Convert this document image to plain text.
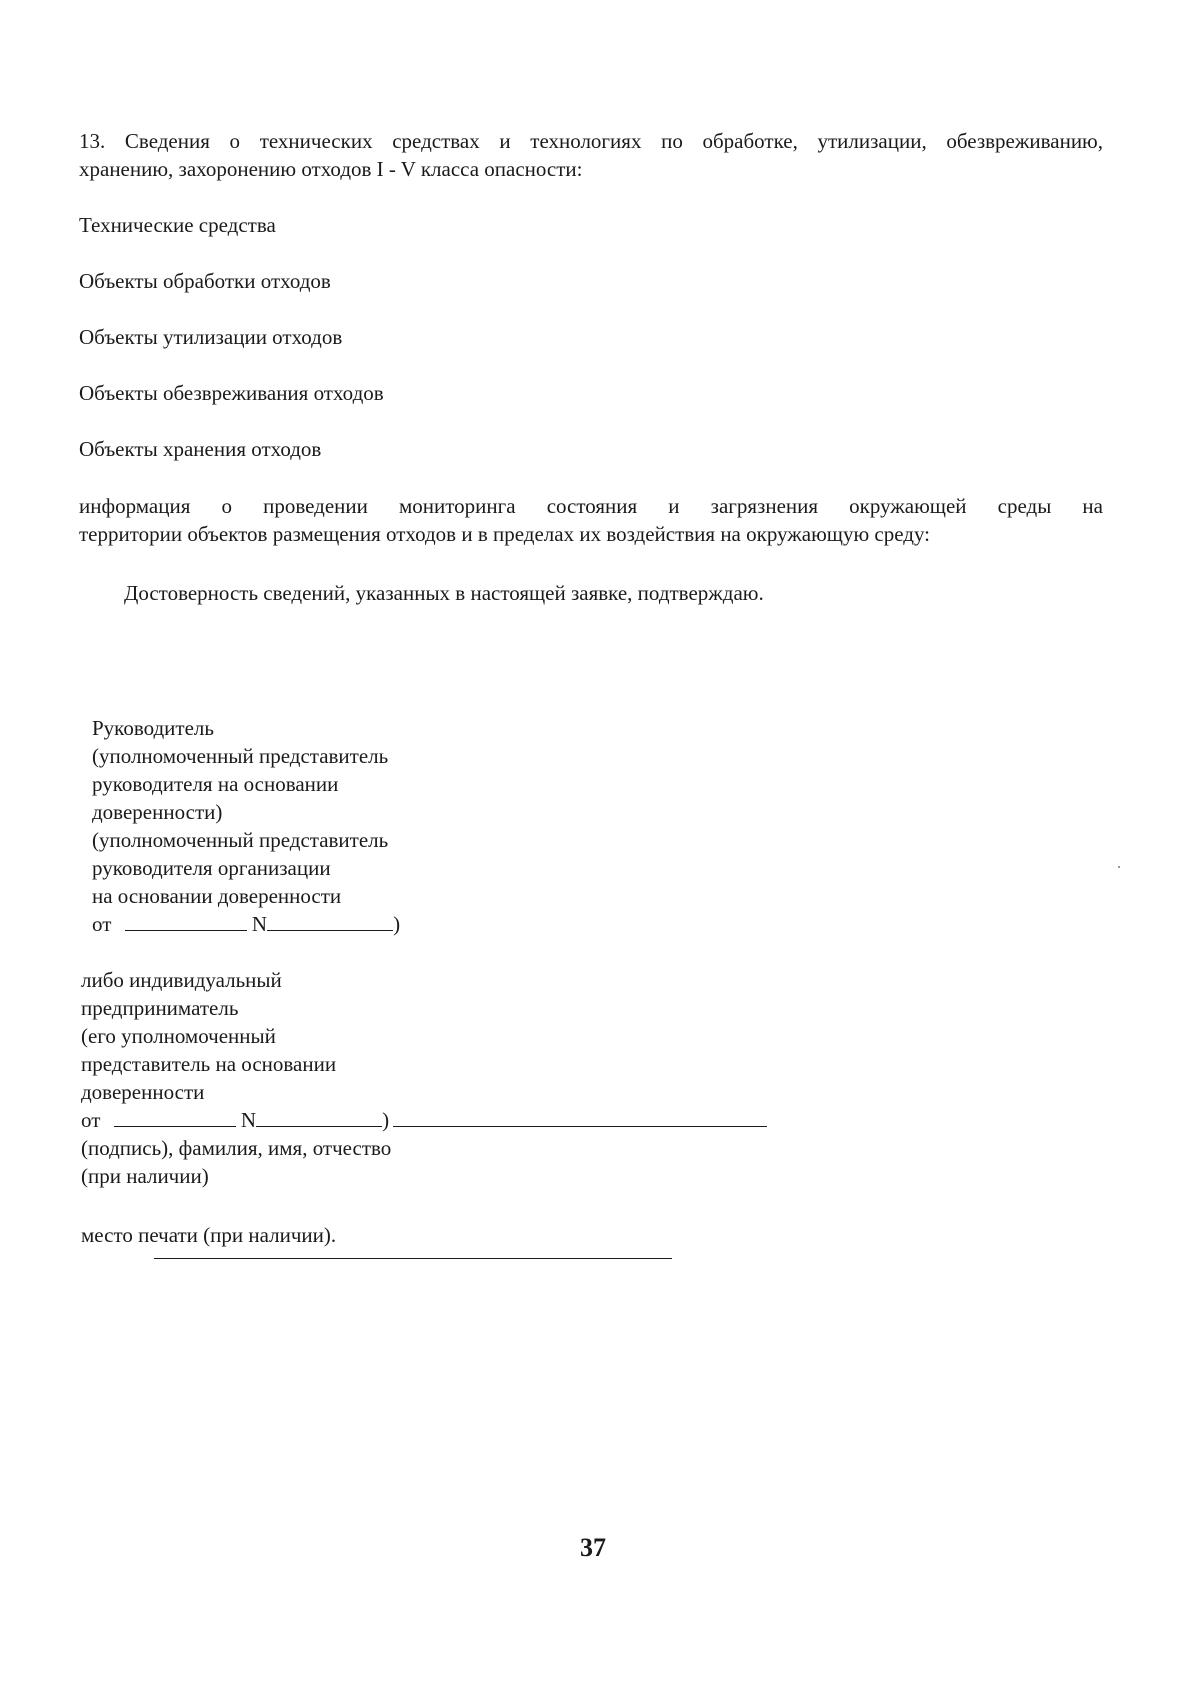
13. Сведения о технических средствах и технологиях по обработке, утилизации, обезвреживанию,
хранению, захоронению отходов I - V класса опасности:
Технические средства
Объекты обработки отходов
Объекты утилизации отходов
Объекты обезвреживания отходов
Объекты хранения отходов
информация о проведении мониторинга состояния и загрязнения окружающей среды на
территории объектов размещения отходов и в пределах их воздействия на окружающую среду:
Достоверность сведений, указанных в настоящей заявке, подтверждаю.
Руководитель
(уполномоченный представитель
руководителя на основании
доверенности)
(уполномоченный представитель
руководителя организации
на основании доверенности
от	N	)
либо индивидуальный
предприниматель
(его уполномоченный
представитель на основании
доверенности
от	N	)
(подпись), фамилия, имя, отчество
(при наличии)
место печати (при наличии).
37
